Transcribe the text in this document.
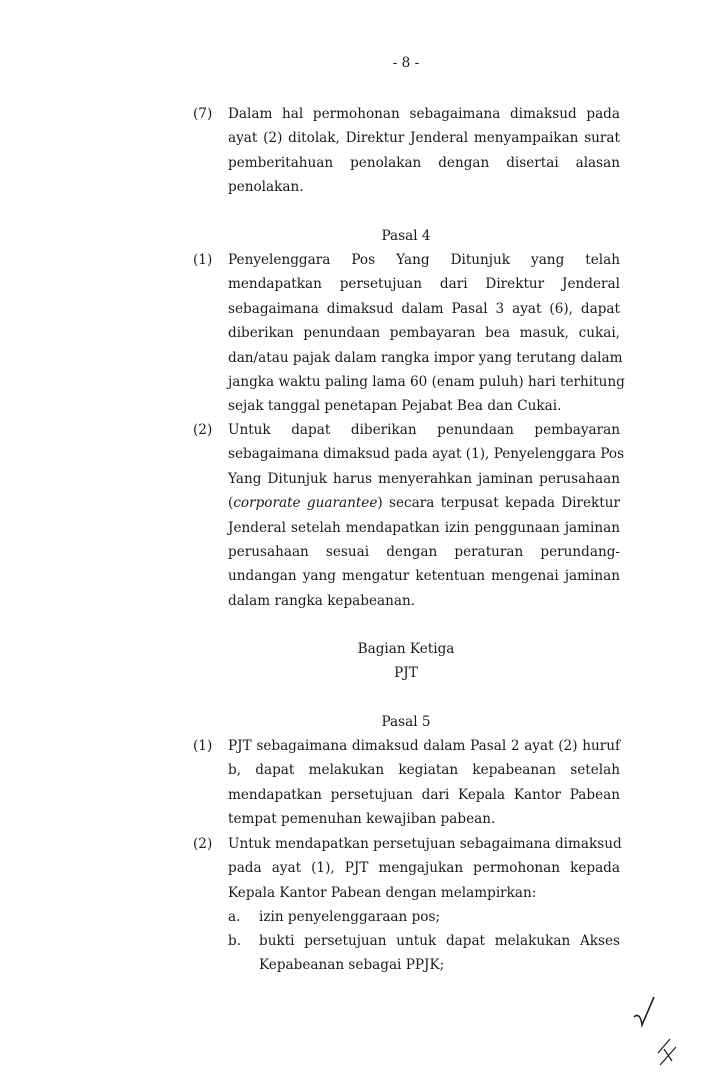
- 8 -
(7) Dalam hal permohonan sebagaimana dimaksud pada
ayat (2) ditolak, Direktur Jenderal menyampaikan surat
pemberitahuan penolakan dengan disertai alasan
penolakan.
Pasal 4
(1) Penyelenggara Pos Yang Ditunjuk yang telah
mendapatkan persetujuan dari Direktur Jenderal
sebagaimana dimaksud dalam Pasal 3 ayat (6), dapat
diberikan penundaan pembayaran bea masuk, cukai,
dan/atau pajak dalam rangka impor yang terutang dalam
jangka waktu paling lama 60 (enam puluh) hari terhitung
sejak tanggal penetapan Pejabat Bea dan Cukai.
(2) Untuk dapat diberikan penundaan pembayaran
sebagaimana dimaksud pada ayat (1), Penyelenggara Pos
Yang Ditunjuk harus menyerahkan jaminan perusahaan
(corporate guarantee) secara terpusat kepada Direktur
Jenderal setelah mendapatkan izin penggunaan jaminan
perusahaan sesuai dengan peraturan perundang-
undangan yang mengatur ketentuan mengenai jaminan
dalam rangka kepabeanan.
Bagian Ketiga
PJT
Pasal 5
(1) PJT sebagaimana dimaksud dalam Pasal 2 ayat (2) huruf
b, dapat melakukan kegiatan kepabeanan setelah
mendapatkan persetujuan dari Kepala Kantor Pabean
tempat pemenuhan kewajiban pabean.
(2) Untuk mendapatkan persetujuan sebagaimana dimaksud
pada ayat (1), PJT mengajukan permohonan kepada
Kepala Kantor Pabean dengan melampirkan:
a. izin penyelenggaraan pos;
b. bukti persetujuan untuk dapat melakukan Akses
Kepabeanan sebagai PPJK;
